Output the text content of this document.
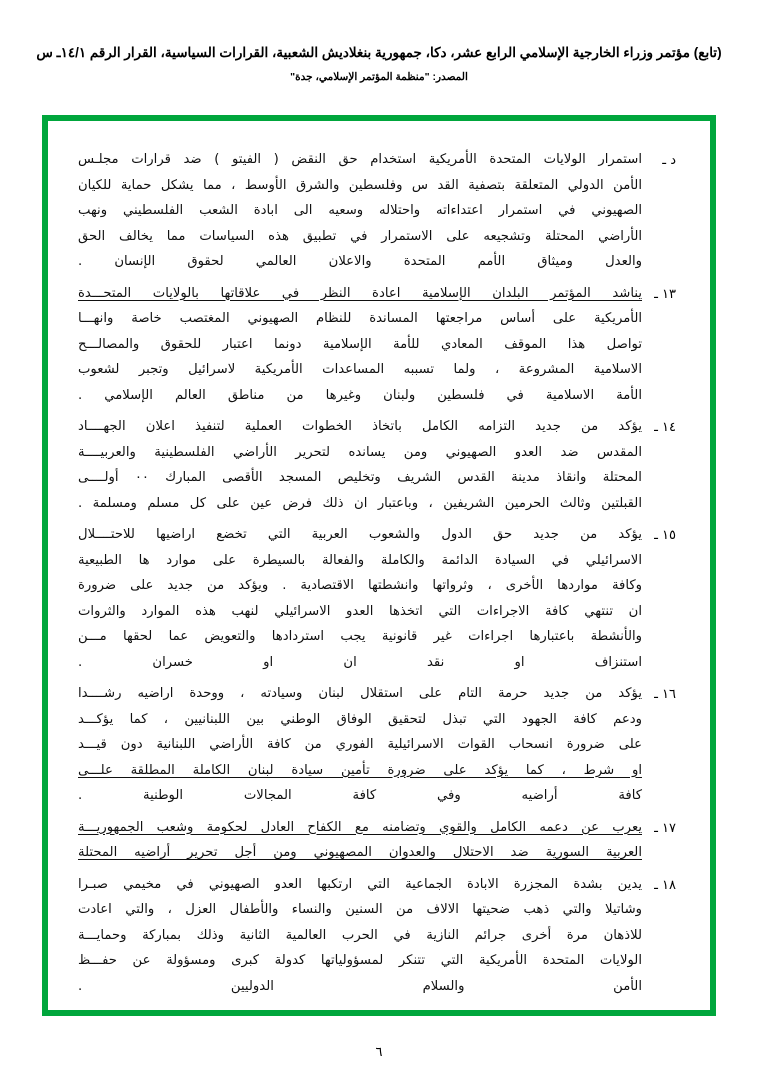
(تابع) مؤتمر وزراء الخارجية الإسلامي الرابع عشر، دكا، جمهورية بنغلاديش الشعبية، القرارات السياسية، القرار الرقم ١٤/١ـ س
المصدر: "منظمة المؤتمر الإسلامي، جدة"
د ـ
استمرار الولايات المتحدة الأمريكية استخدام حق النقض ( الفيتو ) ضد قرارات مجلـس
الأمن الدولي المتعلقة بتصفية القد س وفلسطين والشرق الأوسط ، مما يشكل حماية للكيان
الصهيوني في استمرار اعتداءاته واحتلاله وسعيه الى ابادة الشعب الفلسطيني ونهب
الأراضي المحتلة وتشجيعه على الاستمرار في تطبيق هذه السياسات مما يخالف الحق
والعدل وميثاق الأمم المتحدة والاعلان العالمي لحقوق الإنسان .
١٣ ـ
يناشد المؤتمر البلدان الإسلامية اعادة النظر في علاقاتها بالولايات المتحـــدة
الأمريكية على أساس مراجعتها المساندة للنظام الصهيوني المغتصب خاصة وانهـــا
تواصل هذا الموقف المعادي للأمة الإسلامية دونما اعتبار للحقوق والمصالـــح
الاسلامية المشروعة ، ولما تسببه المساعدات الأمريكية لاسرائيل وتجبر لشعوب
الأمة الاسلامية في فلسطين ولبنان وغيرها من مناطق العالم الإسلامي .
١٤ ـ
يؤكد من جديد التزامه الكامل باتخاذ الخطوات العملية لتنفيذ اعلان الجهــــاد
المقدس ضد العدو الصهيوني ومن يسانده لتحرير الأراضي الفلسطينية والعربيــــة
المحتلة وانقاذ مدينة القدس الشريف وتخليص المسجد الأقصى المبارك ٠٠ أولــــى
القبلتين وثالث الحرمين الشريفين ، وباعتبار ان ذلك فرض عين على كل مسلم ومسلمة .
١٥ ـ
يؤكد من جديد حق الدول والشعوب العربية التي تخضع اراضيها للاحتــــلال
الاسرائيلي في السيادة الدائمة والكاملة والفعالة بالسيطرة على موارد ها الطبيعية
وكافة مواردها الأخرى ، وثرواتها وانشطتها الاقتصادية . ويؤكد من جديد على ضرورة
ان تنتهي كافة الاجراءات التي اتخذها العدو الاسرائيلي لنهب هذه الموارد والثروات
والأنشطة باعتبارها اجراءات غير قانونية يجب استردادها والتعويض عما لحقها مـــن
استنزاف او نقد ان او خسران .
١٦ ـ
يؤكد من جديد حرمة التام على استقلال لبنان وسيادته ، ووحدة اراضيه رشــــدا
ودعم كافة الجهود التي تبذل لتحقيق الوفاق الوطني بين اللبنانيين ، كما يؤكـــد
على ضرورة انسحاب القوات الاسرائيلية الفوري من كافة الأراضي اللبنانية دون قيـــد
او شرط ، كما يؤكد على ضرورة تأمين سيادة لبنان الكاملة المطلقة علـــى
كافة أراضيه وفي كافة المجالات الوطنية .
١٧ ـ
يعرب عن دعمه الكامل والقوي وتضامنه مع الكفاح العادل لحكومة وشعب الجمهوريـــة
العربية السورية ضد الاحتلال والعدوان المصهيوني ومن أجل تحرير أراضيه المحتلة
١٨ ـ
يدين بشدة المجزرة الابادة الجماعية التي ارتكبها العدو الصهيوني في مخيمي صبـرا
وشاتيلا والتي ذهب ضحيتها الالاف من السنين والنساء والأطفال العزل ، والتي اعادت
للاذهان مرة أخرى جرائم النازية في الحرب العالمية الثانية وذلك بمباركة وحمايـــة
الولايات المتحدة الأمريكية التي تتنكر لمسؤولياتها كدولة كبرى ومسؤولة عن حفـــظ
الأمن والسلام الدوليين .
٦
